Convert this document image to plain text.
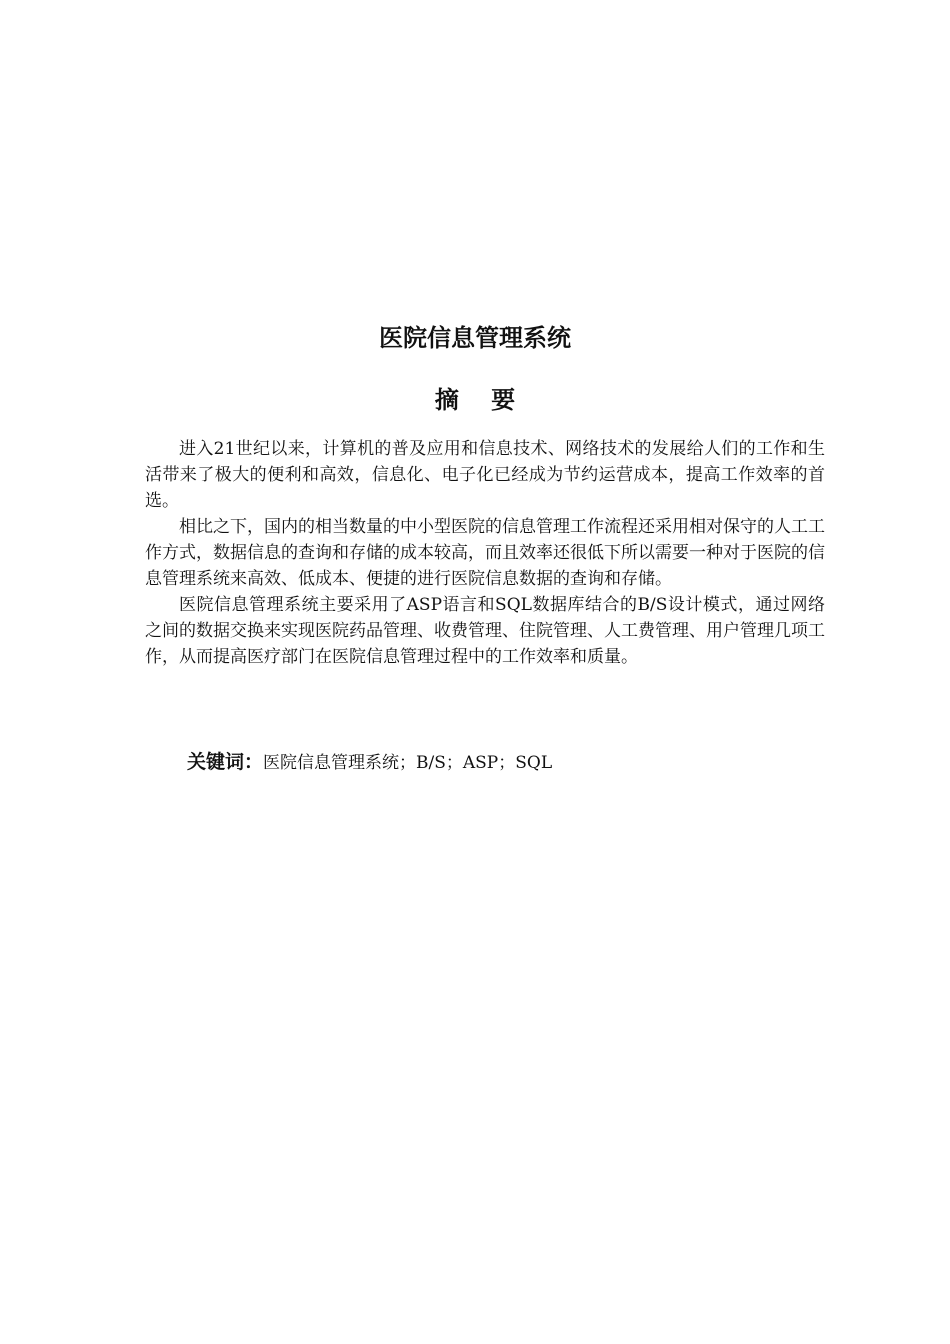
医院信息管理系统
摘 要

进入21世纪以来，计算机的普及应用和信息技术、网络技术的发展给人们的工作和生活带来了极大的便利和高效，信息化、电子化已经成为节约运营成本，提高工作效率的首选。

相比之下，国内的相当数量的中小型医院的信息管理工作流程还采用相对保守的人工工作方式，数据信息的查询和存储的成本较高，而且效率还很低下所以需要一种对于医院的信息管理系统来高效、低成本、便捷的进行医院信息数据的查询和存储。

医院信息管理系统主要采用了ASP语言和SQL数据库结合的B/S设计模式，通过网络之间的数据交换来实现医院药品管理、收费管理、住院管理、人工费管理、用户管理几项工作，从而提高医疗部门在医院信息管理过程中的工作效率和质量。

关键词：医院信息管理系统；B/S；ASP；SQL
